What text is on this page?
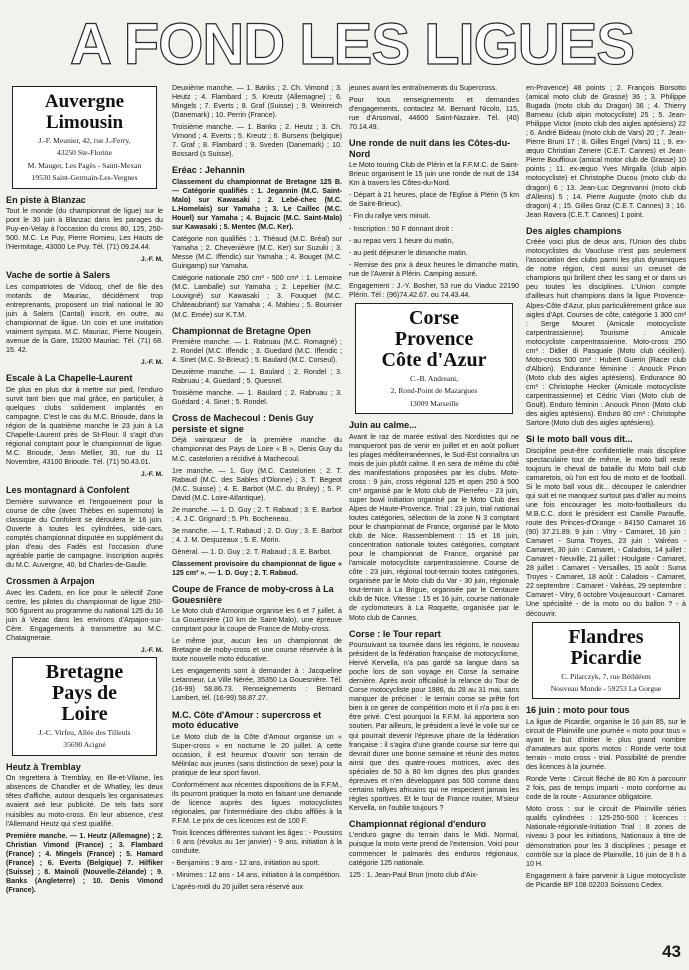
A FOND LES LIGUES
Auvergne
Limousin
J.-F. Meunier, 42, rue J.-Ferry,
43250 Ste-Florine
M. Mauget, Les Pagès - Saint-Mexan
19530 Saint-Germain-Les-Vergnes
En piste à Blanzac

Tout le monde (du championnat de ligue) sur le pont le 30 juin à Blanzac dans les parages du Puy-en-Velay à l'occasion du cross 80, 125, 250-500. M.C. Le Puy, Pierre Romieu, Les Hauts de l'Hermitage, 43000 Le Puy. Tél. (71) 09.24.44.

J.-F. M.
Vache de sortie à Salers

Les compatriotes de Vidocq, chef de file des motards de Mauriac, décidément trop entreprenants, proposent un trial national le 30 juin à Salers (Cantal) inscrit, en outre, au championnat de ligue. Un coin et une invitation vraiment sympas. M.C. Mauriac, Pierre Nougein, avenue de la Gare, 15200 Mauriac. Tél. (71) 68. 15. 42.

J.-F. M.
Escale à La Chapelle-Laurent

De plus en plus dur à mettre sur pied, l'enduro survit tant bien que mal grâce, en particulier, à quelques clubs solidement implantés en campagne. C'est le cas du M.C. Brioude, dans la région de la quatrième manche le 23 juin à La Chapelle-Laurent près de St-Flour. Il s'agit d'un régional comptant pour le championnat de ligue. M.C. Brioude, Jean Mellier, 30, rue du 11 Novembre, 43100 Brioude. Tél. (71) 50.43.01.

J.-F. M.
Les montagnard à Confolent

Dernière survivance et l'engouement pour la course de côte (avec Thèbes en supermoto) la classique du Confolent se déroulera le 16 juin. Ouverte à toutes les cylindrées, side-cars, comptés championnat disputée en supplément du plan d'eau des Fadés est l'occasion d'une agréable partie de campagne. Inscription auprès du M.C. Auvergne, 40, bd Charles-de-Gaulle.

Crossmen à Arpajon

Avec les Cadets, en lice pour le sélectif Zone centre, les pilotes du championnat de ligue 250-500 figurent au programme du national 125 du 16 juin à Vezac dans les environs d'Arpajon-sur-Cère. Engagements à transmettre au M.C. Chataigneraie.

J.-F. M.
Bretagne
Pays de
Loire
J.-C. Virfeu, Allée des Tilleuls
35690 Acigné
Heutz à Tremblay

On regrettera à Tremblay, en Ille-et-Vilaine, les absences de Chandler et de Whatley, les deux têtes d'affiche, autour desquels les organisateurs avaient axé leur publicité. De tels faits sont nuisibles au moto-cross. En leur absence, c'est l'Allemand Heutz qui s'est qualifié.

Première manche. — 1. Heutz (Allemagne) ; 2. Christian Vimond (France) ; 3. Flambard (France) ; 4. Mingels (France) ; 5. Hamard (France) ; 6. Everts (Belgique) 7. Hilfiker (Suisse) ; 8. Mainoli (Nouvelle-Zélande) ; 9. Banks (Angleterre) ; 10. Denis Vimond (France).

Deuxième manche. — 1. Banks ; 2. Ch. Vimond ; 3. Heutz ; 4. Flambard ; 5. Kreutz (Allemagne) ; 6. Mingels ; 7. Everts ; 8. Graf (Suisse) ; 9. Weinreich (Danemark) ; 10. Perrin (France).

Troisième manche. — 1. Banks ; 2. Heutz ; 3. Ch. Vimond ; 4. Everts ; 5. Kreutz ; 6. Bursens (belgique) 7. Graf ; 8. Flambard ; 9. Sveden (Danemark) ; 10. Bossard (s Suisse).

Eréac : Jehannin

Classement du championnat de Bretagne 125 B. — Catégorie qualifiés : 1. Jegannin (M.C. Saint-Malo) sur Kawasaki ; 2. Lebé-chec (M.C. L.Homelais) sur Yamaha ; 3. Le Caillec (M.C. Houel) sur Yamaha ; 4. Bujacic (M.C. Saint-Malo) sur Kawasaki ; 5. Mentec (M.C. Ker).

Catégorie non qualifiés : 1. Théaud (M.C. Bréal) sur Yamaha ; 2. Chevenièvre (M.C. Ker) sur Suzuki ; 3. Messe (M.C. Iffendic) sur Yamaha ; 4. Bouget (M.C. Guingamp) sur Yamaha.

Catégorie nationale 250 cm³ - 500 cm³ : 1. Lemoine (M.C. Lamballe) sur Yamaha ; 2. Lepeltier (M.C. Louvigné) sur Kawasaki ; 3. Fouquet (M.C. Châteaubriant) sur Yamaha ; 4. Mahieu ; 5. Bournier (M.C. Emée) sur K.T.M.

Championnat de Bretagne Open

Première manche. — 1. Rabruau (M.C. Romagné) ; 2. Rondel (M.C. Iffendic ; 3. Guedard (M.C. Iffendic ; 4. Sinet (M.C. St-Brieuc) ; 5. Baulard (M.C. Corseul).

Deuxième manche. — 1. Baulard ; 2. Rondel ; 3. Rabruau ; 4. Guedard ; 5. Quesnel.

Troisième manche. — 1. Baulard ; 2. Rabruau ; 3. Guédard ; 4. Sinet ; 5. Rondel.

Cross de Machecoul : Denis Guy persiste et signe

Déjà vainqueur de la première manche du championnat des Pays de Loire « B », Denis Guy du M.C. castelorien a récidivé à Machecoul.

1re manche. — 1. Guy (M.C. Castelorien ; 2. T. Rabaud (M.C. des Sables d'Olonne) ; 3. T. Begeot (M.C. Suisse) ; 4. E. Barbot (M.C. du Bruley) ; 5. P. David (M.C. Loire-Atlantique).

2e manche. — 1. D. Guy ; 2. T. Rabaud ; 3. E. Barbot ; 4. J.C. Grignard ; 5. Ph. Bocheneau.

3e manche. — 1. T. Rabaud ; 2. D. Guy ; 3. E. Barbot ; 4. J. M. Desjuzeaux ; 5. E. Morin.

Général. — 1. D. Guy ; 2. T. Rabaud ; 3. E. Barbot.

Classement provisoire du championnat de ligue « 125 cm³ ». — 1. D. Guy ; 2. T. Rabaud.

Coupe de France de moby-cross à La Gouesnière

Le Moto club d'Armorique organise les 6 et 7 juillet, à La Gouesnière (10 km de Saint-Malo), une épreuve comptant pour la coupe de France de Moby-cross.

Le même jour, aucun lieu un championnat de Bretagne de moby-cross et une course réservée à la toute nouvelle moto éducative.

Les engagements sont à demander à : Jacqueline Letanneur, La Ville Nérée, 35350 La Gouesnière. Tél. (16-99) 58.86.73. Renseignements : Bernard Lambert, tél. (16-99) 58.87.27.

M.C. Côte d'Amour : supercross et moto éducative

Le Moto club de la Côte d'Amour organise un « Super-cross » en nocturne le 20 juillet. A cette occasion, il est heureux d'ouvrir son terrain de Mélinlac aux jeunes (sans distinction de sexe) pour la pratique de leur sport favori.

Conformément aux récentes dispositions de la F.F.M., ils pourront pratiquer la moto en faisant une demande de licence auprès des ligues motocyclistes régionales, par l'intermédiaire des clubs affiliés à la F.F.M. Le prix de ces licences est de 100 F.

Trois licences différentes suivant les âges : - Poussins : 6 ans (révolus au 1er janvier) - 9 ans, initiation à la conduite.

- Benjamins : 9 ans - 12 ans, initiation au sport.

- Minimes : 12 ans - 14 ans, initiation à la compétition.

L'après-midi du 20 juillet sera réservé aux

jeunes avant les entraînements du Supercross.

Pour tous renseignements et demandes d'engagements, contactez M. Bernard Nicolo, 115, rue d'Arsonval, 44600 Saint-Nazaire. Tél. (40) 70.14.49.

Une ronde de nuit dans les Côtes-du-Nord

Le Moto touring Club de Plérin et la F.F.M.C. de Saint-Brieuc organisent le 15 juin une ronde de nuit de 134 Km à travers les Côtes-du-Nord.

- Départ à 21 heures, place de l'Eglise à Plérin (5 km de Saint-Brieuc).

- Fin du rallye vers minuit.

- Inscription : 50 F donnant droit :

- au repas vers 1 heure du matin,

- au petit déjeuner le dimanche matin.

- Remise des prix à deux heures le dimanche matin, rue de l'Avenir à Plérin. Camping assuré.

Engagement : J.-Y. Bosher, 53 rue du Viaduc 22190 Plérin. Tél : (96)74.42.67. ou 74.43.44.

Corse
Provence
Côte d'Azur
C.-B. Andreani,
2, Rond-Point de Mazargues
13009 Marseille
Juin au calme...

Avant le raz de marée estival des Nordistes qui ne manqueront pas de venir en juillet et en août polluer les plages méditerranéennes, le Sud-Est connaîtra un mois de juin plutôt calme. Il en sera de même du côté des manifestations proposées par les clubs. Moto-cross : 9 juin, cross régional 125 et open 250 à 500 cm³ organisé par le Moto club de Pierrefeu - 23 juin, super bowl initiation organisé par le Moto Club des Alpes de Haute-Provence. Trial : 23 juin, trial national toutes catégories, sélection de la zone N 3 comptant pour le championnat de France, organisé par le Moto club de Nice. Rassemblement : 15 et 16 juin, concentration nationale toutes catégories, comptant pour le championnat de France, organisé par l'amicale motocycliste carpentrassienne. Course de côte : 23 juin, régional tout-terrain toutes catégories, organisée par le Moto club du Var - 30 juin, régionale tout-terrain à La Brigue, organisée par le Centaure club de Nice. Vitesse : 15 et 16 juin, course nationale de cyclomoteurs à La Roquette, organisée par le Moto club de Cannes.

Corse : le Tour repart

Poursuivant sa tournée dans les régions, le nouveau président de la fédération française de motocyclisme, Hervé Kervella, n'a pas gardé sa langue dans sa poche lors de son voyage en Corse la semaine dernière. Après avoir officialisé la relance du Tour de Corse motocycliste pour 1986, du 28 au 31 mai, sans manquer de préciser : le terrain corse se prête fort bien à ce genre de compétition moto et il n'a pas à en être privé. C'est pourquoi la F.F.M. lui apportera son soutien. Par ailleurs, le président a levé le voile sur ce qui pourrait devenir l'épreuve phare de la fédération française : il s'agira d'une grande course sur terre qui devrait durer une bonne semaine et réunir des motos ainsi que des quatre-roues motrices, avec des spéciales de 50 à 80 km dignes des plus grandes épreuves et n'en développant pas 500 comme dans certains rallyes africains qui ne respectent jamais les règles sportives. Et le tour de France routier, M'sieur Kervella, on l'oublie toujours ?

Championnat régional d'enduro

L'enduro gagne du terrain dans le Midi. Normal, puisque la moto verte prend de l'extension. Voici pour commencer le palmarès des enduros régionaux, catégorie 125 nationale.

125 : 1. Jean-Paul Brun (moto club d'Aix-

en-Provence) 48 points ; 2. François Borsotto (amical moto club de Grasse) 36 ; 3. Philippe Bugada (moto club du Dragon) 36 ; 4. Thierry Barneau (club alpin motocycliste) 25 ; 5. Jean-Philippe Victor (moto club des aigles aptésiens) 22 ; 6. André Bideau (moto club de Vars) 20 ; 7. Jean-Pierre Bruni 17 ; 8. Gilles Engel (Vars) 11 ; 9. ex-æquo Christian Zenere (C.E.T. Cannes) et Jean-Pierre Bouffioux (amical motor club de Grasse) 10 points ; 11. ex-æquo Yves Mirgalla (club alpin motocycliste) et Christophe Ducou (moto club du dragon) 6 ; 13. Jean-Luc Degrovanni (moto club d'Alleins) 5 ; 14. Pierre Auguste (moto club du dragon) 4 ; 15. Gilles Graz (C.E.T. Cannes) 3 ; 16. Jean Ravera (C.E.T. Cannes) 1 point.

Des aigles champions

Créée voici plus de deux ans, l'Union des clubs motocyclistes du Vaucluse n'est pas seulement l'association des clubs parmi les plus dynamiques de notre région, c'est aussi un creuset de champions qui brillent chez les sang et or dans un peu toutes les disciplines. L'Union compte d'ailleurs huit champions dans la ligue Provence-Alpes-Côte d'Azur, plus particulièrement grâce aux aigles d'Apt. Courses de côte, catégorie 1 300 cm³ : Serge Mouret (Amicale motocycliste carpentrassienne). Tourisme : Amicale motocycliste carpentrassienne. Moto-cross 250 cm³ : Didier di Pasquale (Moto club cécilien). Moto-cross 500 cm³ : Hubert Guerin (Racer club d'Albion). Endurance féminine : Anouck Pinon (Moto club des aigles aptésiens). Endurance 80 cm³ : Christophe Hecker (Amicale motocycliste carpentrassienne) et Cédric Vian (Moto club de Goult). Enduro féminin : Anouck Pinon (Moto club des aigles aptésiens). Enduro 80 cm³ : Christophe Sartore (Moto club des aigles aptésiens).

Si le moto ball vous dit...

Discipline peut-être confidentielle mais discipline spectaculaire tout de même, le moto ball reste toujours le cheval de bataille du Moto ball club camaretois, où l'on est fou de moto et de football. Si le moto ball vous dit... découpez le calendrier qui suit et ne manquez surtout pas d'aller au moins une fois encourager les moto-footballeurs du M.B.C.C. dont le président est Camille Parouffe, route des Princes-d'Orange - 84150 Camaret 16 (90) 37.21.89. 9 juin : Vitry - Camaret, 16 juin : Camaret - Suma Troyes, 23 juin : Valréas - Camaret, 30 juin : Camaret, - Caladois, 14 juillet : Camaret - Neuville, 21 juillet : Houlgate - Camaret, 28 juillet : Camaret - Versailles, 15 août : Suma Troyes - Camaret, 18 août : Caladois - Camaret, 22 septembre : Camaret - Valréas, 29 septembre : Camaret - Vitry, 6 octobre Voujeaucourt - Camaret. Une spécialité - de la moto ou du ballon ? - à découvrir.

Flandres
Picardie
C. Pilarczyk, 7, rue Béthléem
Nouveau Monde - 59253 La Gorgue
16 juin : moto pour tous

La ligue de Picardie, organise le 16 juin 85, sur le circuit de Plainville une journée « moto pour tous » ayant le but d'initier le plus grand nombre d'amateurs aux sports motos : Ronde verte tout terrain - moto cross - trial. Possibilité de prendre des licences à la journée.

Ronde Verte : Circuit fléché de 80 Km à parcourir 2 fois, pas de temps imparti - moto conforme au code de la route - Assurance obligatoire.

Moto cross : sur le circuit de Plainville séries qualifs cylindrées : 125-250-500 : licences : Nationale-régionale-Initiation Trial : 8 zones de niveau 3 pour les initiations, Nationaux à titre de démonstration pour les 3 disciplines ; pesage et contrôle sur la place de Plainville, 16 juin de 8 h à 10 H.

Engagement à faire parvenir à Ligue motocycliste de Picardie BP 108 02203 Soissons Cedex.

43
